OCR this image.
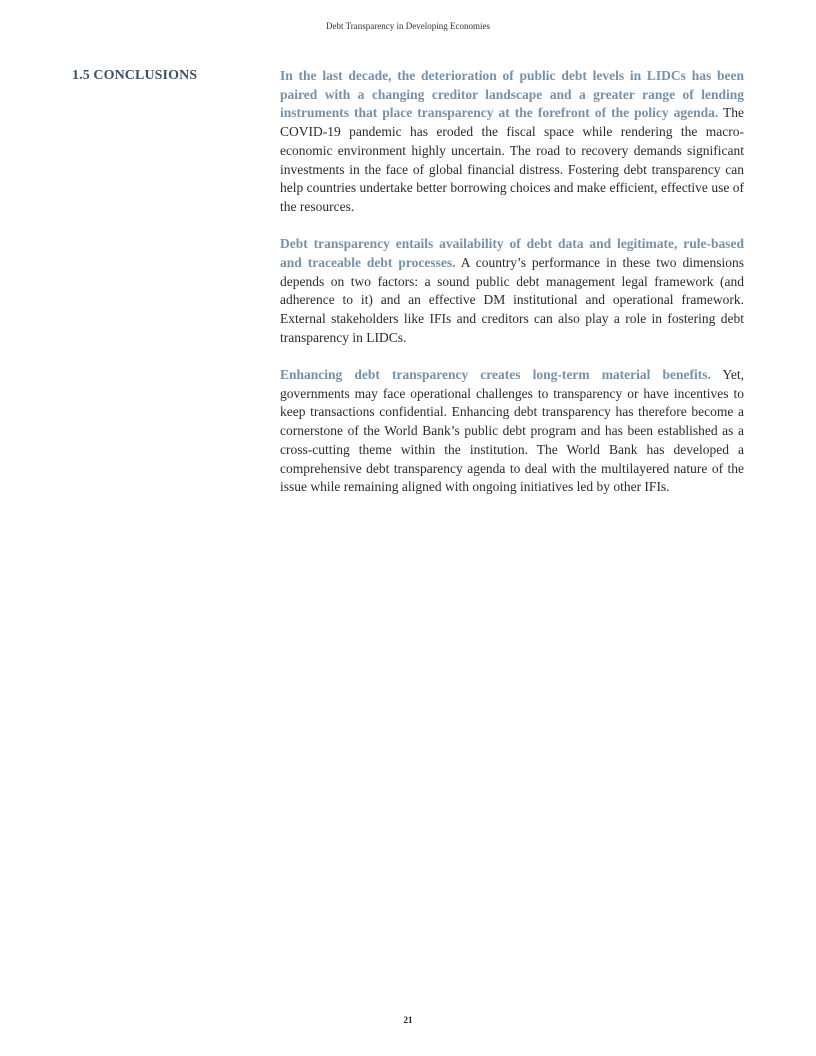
Debt Transparency in Developing Economies
1.5 CONCLUSIONS	In the last decade, the deterioration of public debt levels in LIDCs has been paired with a changing creditor landscape and a greater range of lending instruments that place transparency at the forefront of the policy agenda. The COVID-19 pandemic has eroded the fiscal space while rendering the macro-economic environment highly uncertain. The road to recovery demands significant investments in the face of global financial distress. Fostering debt transparency can help countries undertake better borrowing choices and make efficient, effective use of the resources.

Debt transparency entails availability of debt data and legitimate, rule-based and traceable debt processes. A country’s performance in these two dimensions depends on two factors: a sound public debt management legal framework (and adherence to it) and an effective DM institutional and operational framework. External stakeholders like IFIs and creditors can also play a role in fostering debt transparency in LIDCs.

Enhancing debt transparency creates long-term material benefits. Yet, governments may face operational challenges to transparency or have incentives to keep transactions confidential. Enhancing debt transparency has therefore become a cornerstone of the World Bank’s public debt program and has been established as a cross-cutting theme within the institution. The World Bank has developed a comprehensive debt transparency agenda to deal with the multilayered nature of the issue while remaining aligned with ongoing initiatives led by other IFIs.

21
